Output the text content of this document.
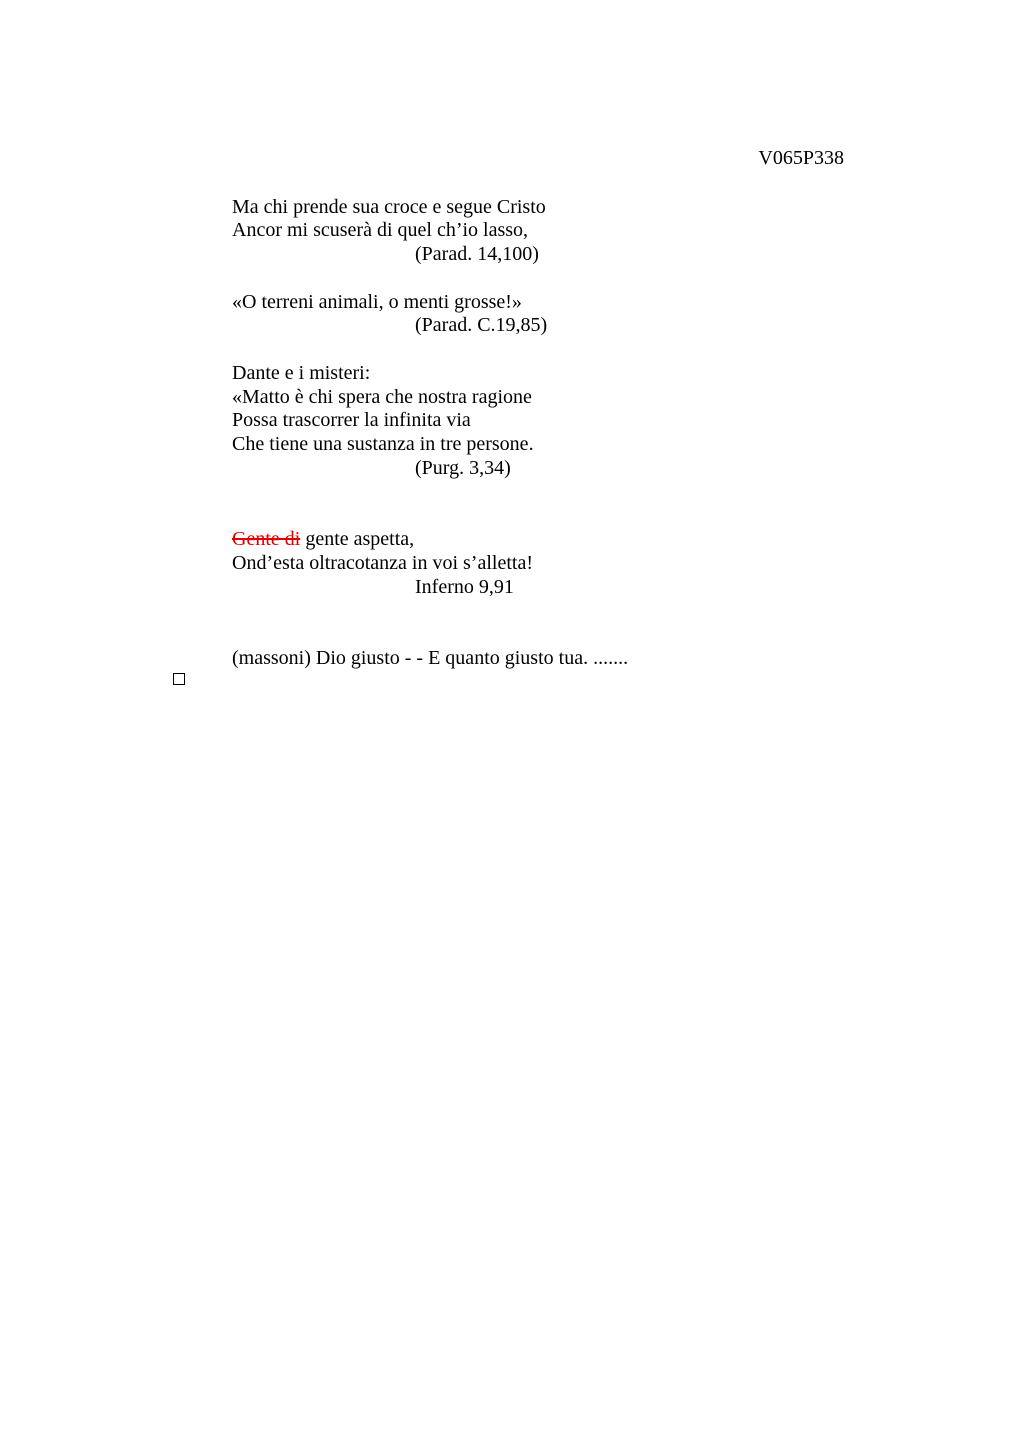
V065P338
Ma chi prende sua croce e segue Cristo
Ancor mi scuserà di quel ch’io lasso,
(Parad. 14,100)
«O terreni animali, o menti grosse!»
(Parad. C.19,85)
Dante e i misteri:
«Matto è chi spera che nostra ragione
Possa trascorrer la infinita via
Che tiene una sustanza in tre persone.
(Purg. 3,34)
Gente di gente aspetta,
Ond’esta oltracotanza in voi s’alletta!
Inferno 9,91
(massoni) Dio giusto - - E quanto giusto tua. .......
